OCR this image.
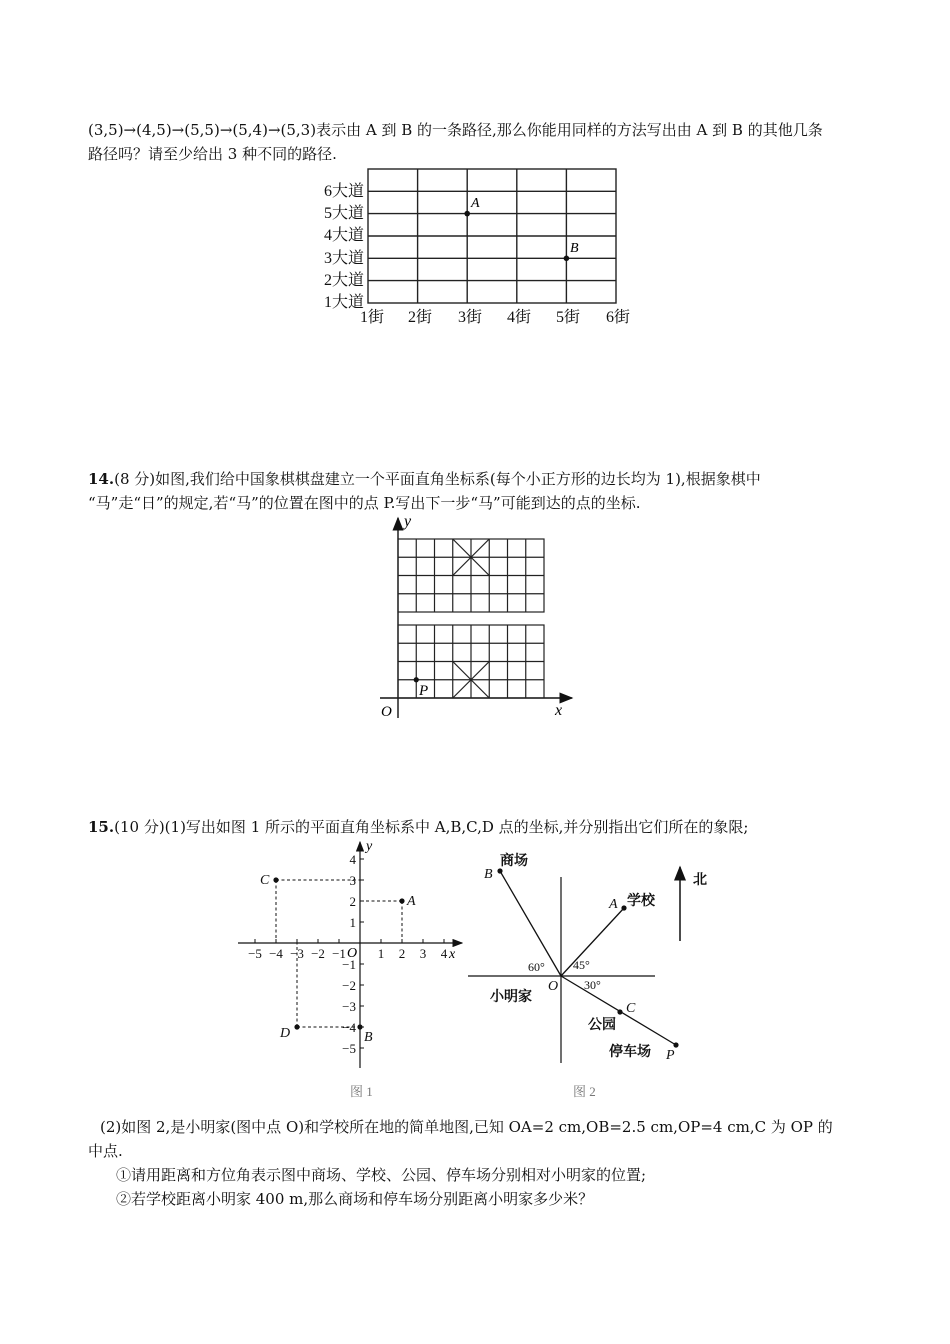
(3,5)→(4,5)→(5,5)→(5,4)→(5,3)表示由 A 到 B 的一条路径,那么你能用同样的方法写出由 A 到 B 的其他几条
路径吗？请至少给出 3 种不同的路径.

6大道
5大道
4大道
3大道
2大道
1大道
1街 2街 3街 4街 5街 6街
A
B

14.(8 分)如图,我们给中国象棋棋盘建立一个平面直角坐标系(每个小正方形的边长均为 1),根据象棋中
“马”走“日”的规定,若“马”的位置在图中的点 P.写出下一步“马”可能到达的点的坐标.

P
O	x
y

15.(10 分)(1)写出如图 1 所示的平面直角坐标系中 A,B,C,D 点的坐标,并分别指出它们所在的象限;

−5 −4 −3 −2 −1 1 2 3 4
4
3
2
1
−1
−2
−3
−4
−5
A
B
C
D
O	x
y
图 1
北
商场
学校
小明家
公园
停车场
60° 45°
30°
B
A
O
C
P
图 2

(2)如图 2,是小明家(图中点 O)和学校所在地的简单地图,已知 OA=2 cm,OB=2.5 cm,OP=4 cm,C 为 OP 的
中点.
①请用距离和方位角表示图中商场、学校、公园、停车场分别相对小明家的位置;
②若学校距离小明家 400 m,那么商场和停车场分别距离小明家多少米？
